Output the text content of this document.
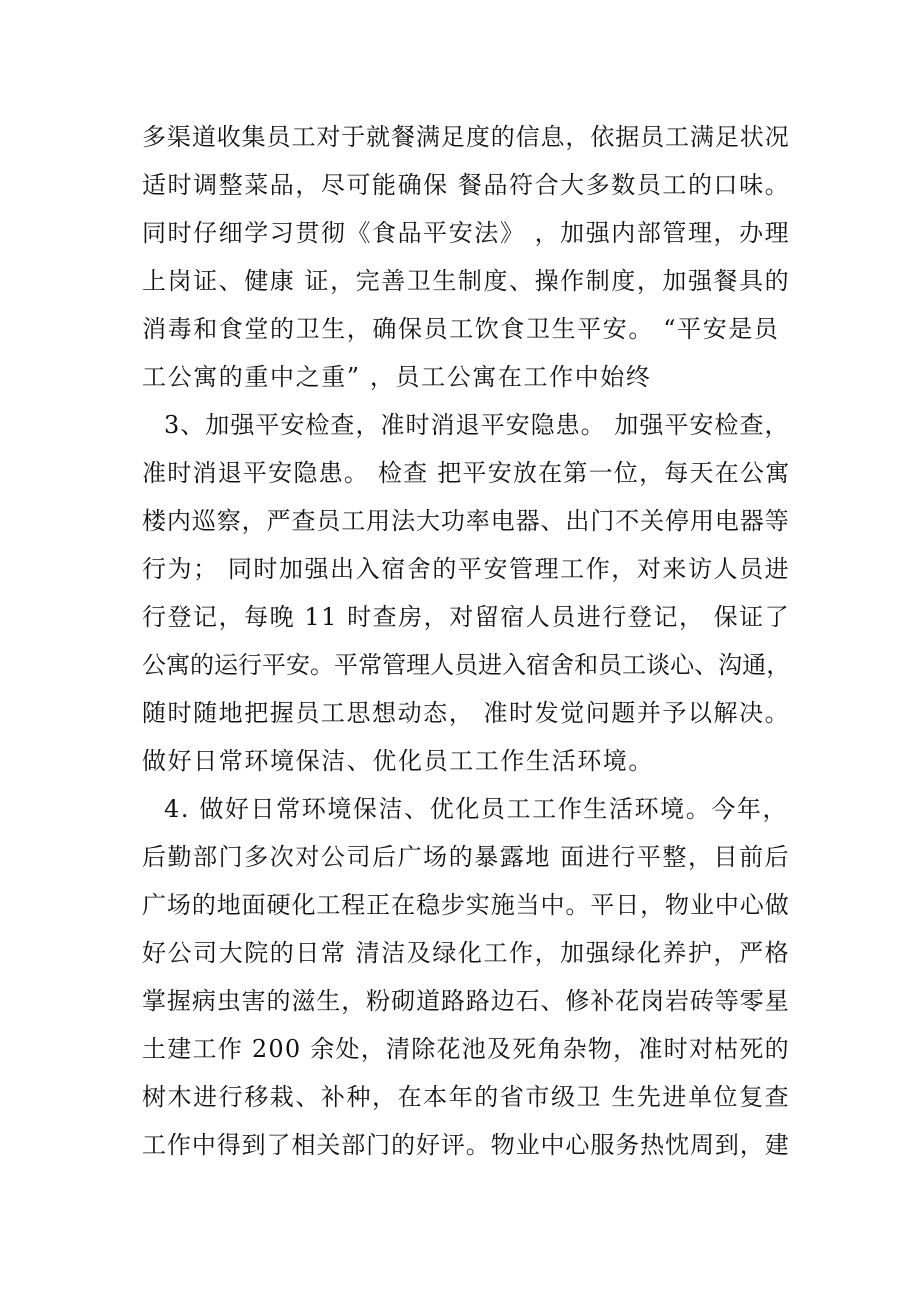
多渠道收集员工对于就餐满足度的信息，依据员工满足状况
适时调整菜品，尽可能确保 餐品符合大多数员工的口味。
同时仔细学习贯彻《食品平安法》 ，加强内部管理，办理
上岗证、健康 证，完善卫生制度、操作制度，加强餐具的
消毒和食堂的卫生，确保员工饮食卫生平安。 “平安是员
工公寓的重中之重” ，员工公寓在工作中始终
3、加强平安检查，准时消退平安隐患。 加强平安检查，
准时消退平安隐患。 检查 把平安放在第一位，每天在公寓
楼内巡察，严查员工用法大功率电器、出门不关停用电器等
行为； 同时加强出入宿舍的平安管理工作，对来访人员进
行登记，每晚 11 时查房，对留宿人员进行登记， 保证了
公寓的运行平安。平常管理人员进入宿舍和员工谈心、沟通，
随时随地把握员工思想动态， 准时发觉问题并予以解决。
做好日常环境保洁、优化员工工作生活环境。
4. 做好日常环境保洁、优化员工工作生活环境。今年，
后勤部门多次对公司后广场的暴露地 面进行平整，目前后
广场的地面硬化工程正在稳步实施当中。平日，物业中心做
好公司大院的日常 清洁及绿化工作，加强绿化养护，严格
掌握病虫害的滋生，粉砌道路路边石、修补花岗岩砖等零星
土建工作 200 余处，清除花池及死角杂物，准时对枯死的
树木进行移栽、补种，在本年的省市级卫 生先进单位复查
工作中得到了相关部门的好评。物业中心服务热忱周到，建
